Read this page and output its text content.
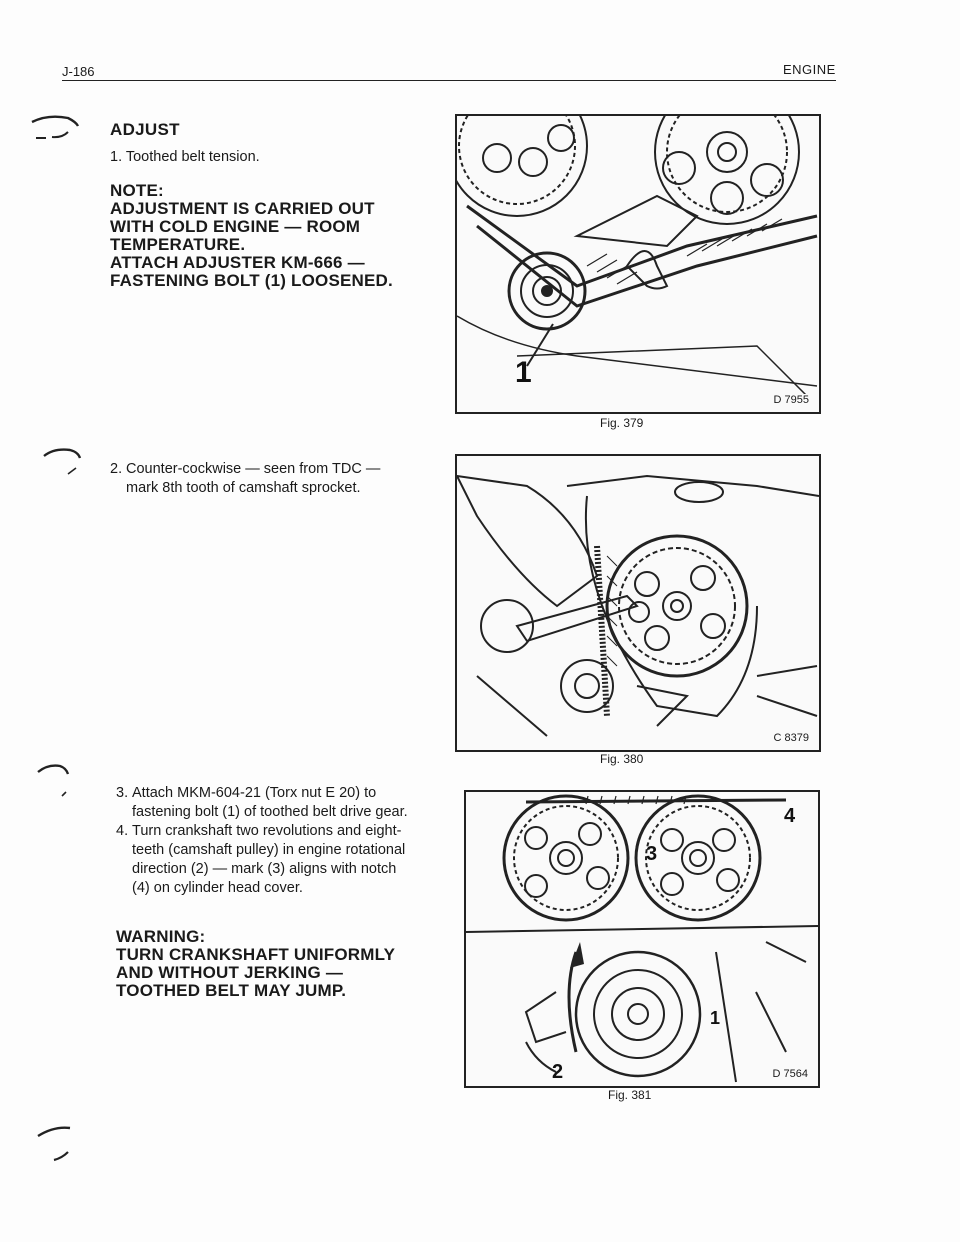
J-186	ENGINE
ADJUST
1. Toothed belt tension.
NOTE:
ADJUSTMENT IS CARRIED OUT
WITH COLD ENGINE — ROOM
TEMPERATURE.
ATTACH ADJUSTER KM-666 —
FASTENING BOLT (1) LOOSENED.
2. Counter-cockwise — seen from TDC — mark 8th tooth of camshaft sprocket.
3. Attach MKM-604-21 (Torx nut E 20) to fastening bolt (1) of toothed belt drive gear.
4. Turn crankshaft two revolutions and eight-teeth (camshaft pulley) in engine rotational direction (2) — mark (3) aligns with notch (4) on cylinder head cover.
WARNING:
TURN CRANKSHAFT UNIFORMLY
AND WITHOUT JERKING —
TOOTHED BELT MAY JUMP.
1
D 7955
Fig. 379
C 8379
Fig. 380
3
4
1
2	D 7564
Fig. 381
